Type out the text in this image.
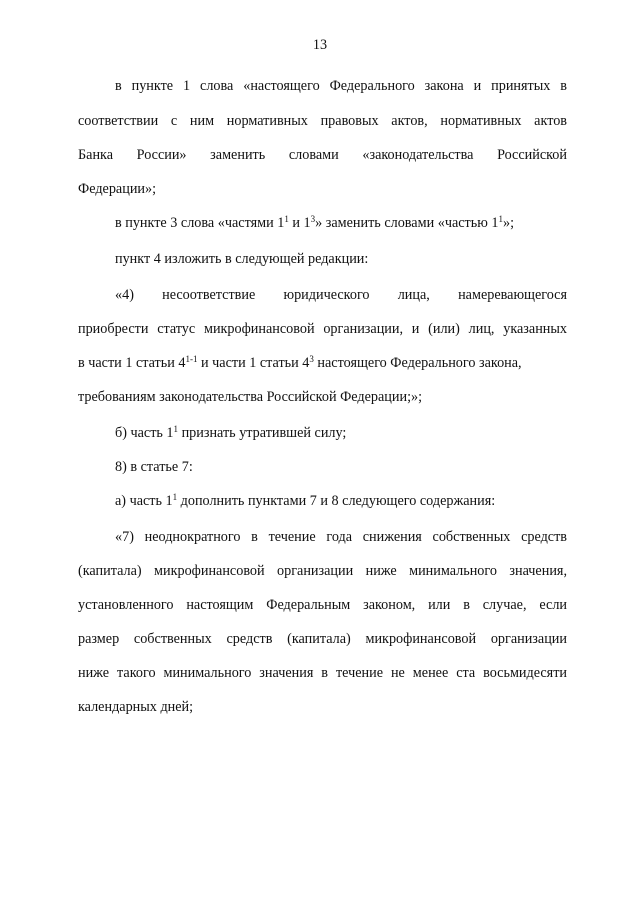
13
в пункте 1 слова «настоящего Федерального закона и принятых в
соответствии с ним нормативных правовых актов, нормативных актов
Банка России» заменить словами «законодательства Российской
Федерации»;
в пункте 3 слова «частями $1^1$ и $1^3$» заменить словами «частью $1^1$»;
пункт 4 изложить в следующей редакции:
«4) несоответствие юридического лица, намеревающегося
приобрести статус микрофинансовой организации, и (или) лиц, указанных
в части 1 статьи 4$^{1-1}$ и части 1 статьи $4^3$ настоящего Федерального закона,
требованиям законодательства Российской Федерации;»;
б) часть $1^1$ признать утратившей силу;
8) в статье 7:
а) часть $1^1$ дополнить пунктами 7 и 8 следующего содержания:
«7) неоднократного в течение года снижения собственных средств
(капитала) микрофинансовой организации ниже минимального значения,
установленного настоящим Федеральным законом, или в случае, если
размер собственных средств (капитала) микрофинансовой организации
ниже такого минимального значения в течение не менее ста восьмидесяти
календарных дней;
